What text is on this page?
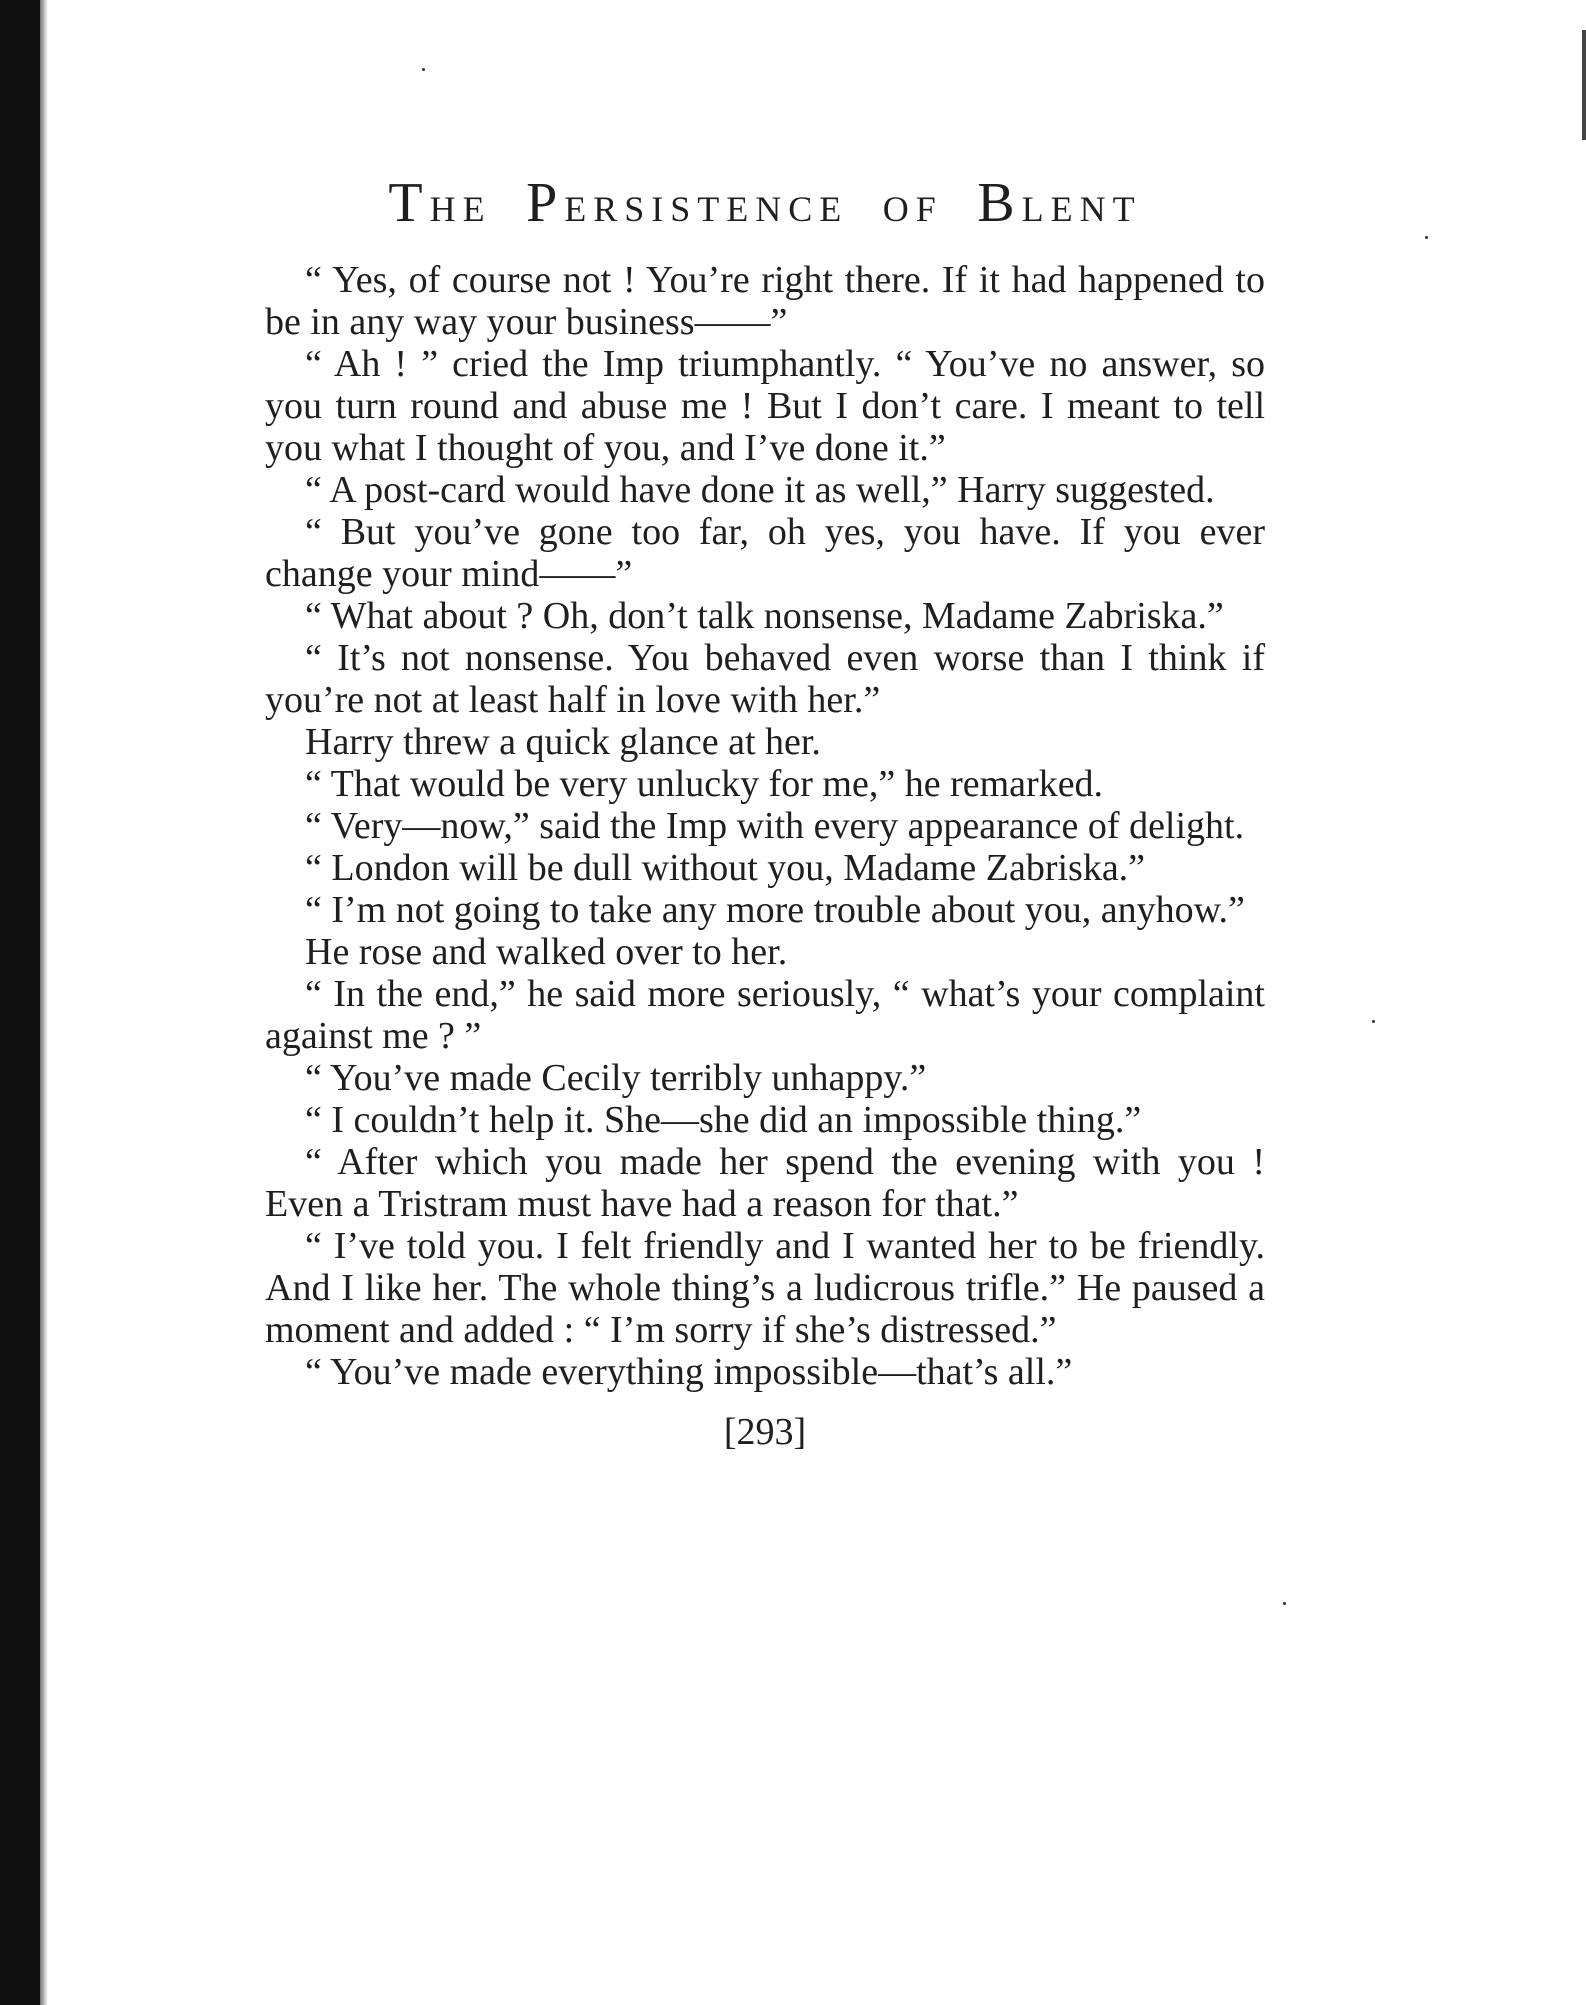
THE PERSISTENCE OF BLENT

“ Yes, of course not ! You’re right there. If it had happened to be in any way your business——”

“ Ah ! ” cried the Imp triumphantly. “ You’ve no answer, so you turn round and abuse me ! But I don’t care. I meant to tell you what I thought of you, and I’ve done it.”

“ A post-card would have done it as well,” Harry suggested.

“ But you’ve gone too far, oh yes, you have. If you ever change your mind——”

“ What about ? Oh, don’t talk nonsense, Madame Zabriska.”

“ It’s not nonsense. You behaved even worse than I think if you’re not at least half in love with her.”

Harry threw a quick glance at her.

“ That would be very unlucky for me,” he remarked.

“ Very—now,” said the Imp with every appearance of delight.

“ London will be dull without you, Madame Zabriska.”

“ I’m not going to take any more trouble about you, anyhow.”

He rose and walked over to her.

“ In the end,” he said more seriously, “ what’s your complaint against me ? ”

“ You’ve made Cecily terribly unhappy.”

“ I couldn’t help it. She—she did an impossible thing.”

“ After which you made her spend the evening with you ! Even a Tristram must have had a reason for that.”

“ I’ve told you. I felt friendly and I wanted her to be friendly. And I like her. The whole thing’s a ludicrous trifle.” He paused a moment and added : “ I’m sorry if she’s distressed.”

“ You’ve made everything impossible—that’s all.”

[293]
